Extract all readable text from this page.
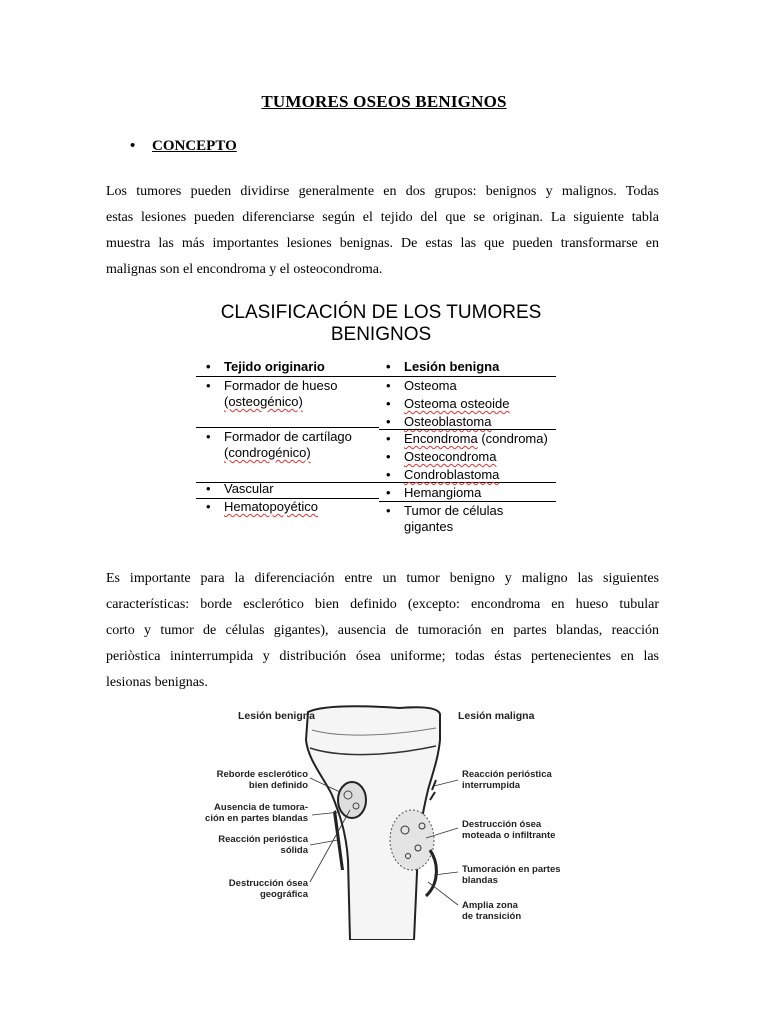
TUMORES OSEOS BENIGNOS
• CONCEPTO
Los tumores pueden dividirse generalmente en dos grupos: benignos y malignos. Todas
estas lesiones pueden diferenciarse según el tejido del que se originan. La siguiente tabla
muestra las más importantes lesiones benignas. De estas las que pueden transformarse en
malignas son el encondroma y el osteocondroma.
CLASIFICACIÓN DE LOS TUMORES
BENIGNOS
• Tejido originario	• Lesión benigna
• Formador de hueso
(osteogénico)
• Formador de cartílago
(condrogénico)
• Vascular
• Hematopoyético
• Osteoma
• Osteoma osteoide
• Osteoblastoma
• Encondroma (condroma)
• Osteocondroma
• Condroblastoma
• Hemangioma
• Tumor de células
gigantes
Es importante para la diferenciación entre un tumor benigno y maligno las siguientes
características: borde esclerótico bien definido (excepto: encondroma en hueso tubular
corto y tumor de células gigantes), ausencia de tumoración en partes blandas, reacción
periòstica ininterrumpida y distribución ósea uniforme; todas éstas pertenecientes en las
lesionas benignas.
Lesión benigna	Lesión maligna
Reborde esclerótico
bien definido
Ausencia de tumora-
ción en partes blandas
Reacción perióstica
sólida
Destrucción ósea
geográfica
Reacción perióstica
interrumpida
Destrucción ósea
moteada o infiltrante
Tumoración en partes
blandas
Amplia zona
de transición
